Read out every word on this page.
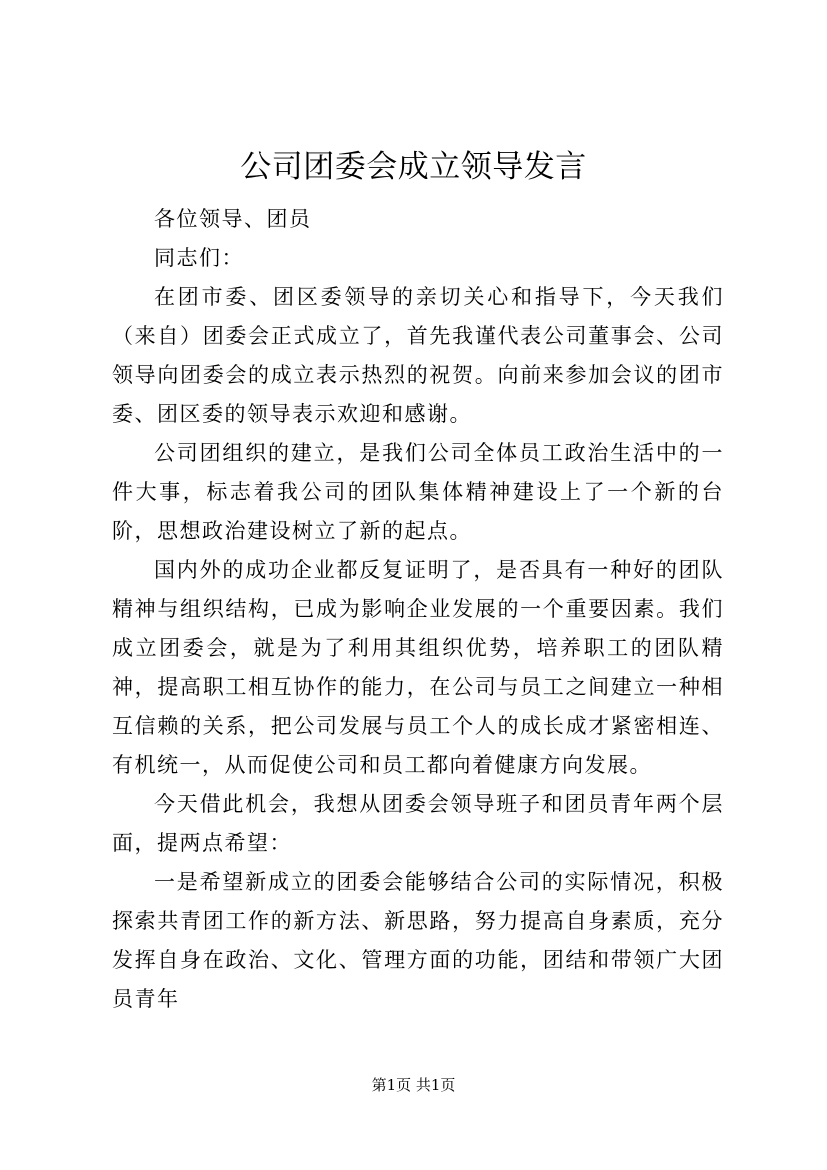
公司团委会成立领导发言

各位领导、团员

同志们：

在团市委、团区委领导的亲切关心和指导下，今天我们（来自）团委会正式成立了，首先我谨代表公司董事会、公司领导向团委会的成立表示热烈的祝贺。向前来参加会议的团市委、团区委的领导表示欢迎和感谢。

公司团组织的建立，是我们公司全体员工政治生活中的一件大事，标志着我公司的团队集体精神建设上了一个新的台阶，思想政治建设树立了新的起点。

国内外的成功企业都反复证明了，是否具有一种好的团队精神与组织结构，已成为影响企业发展的一个重要因素。我们成立团委会，就是为了利用其组织优势，培养职工的团队精神，提高职工相互协作的能力，在公司与员工之间建立一种相互信赖的关系，把公司发展与员工个人的成长成才紧密相连、有机统一，从而促使公司和员工都向着健康方向发展。

今天借此机会，我想从团委会领导班子和团员青年两个层面，提两点希望：

一是希望新成立的团委会能够结合公司的实际情况，积极探索共青团工作的新方法、新思路，努力提高自身素质，充分发挥自身在政治、文化、管理方面的功能，团结和带领广大团员青年

第1页 共1页
